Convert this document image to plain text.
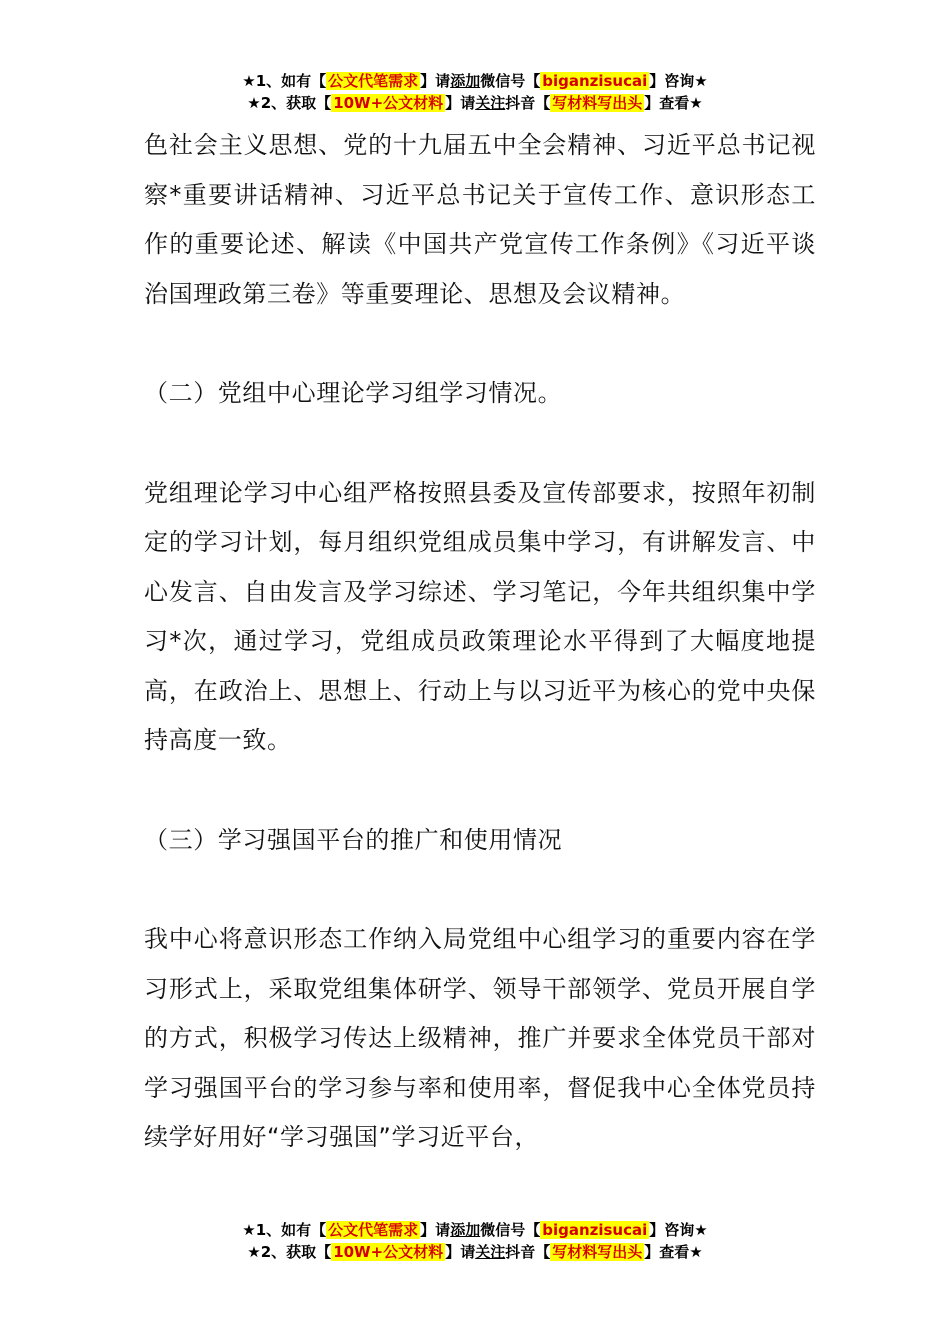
★1、如有【 公文代笔需求 】请添加微信号【 biganzisucai 】咨询★
★2、获取【 10W+公文材料 】请关注抖音【 写材料写出头 】查看★

色社会主义思想、党的十九届五中全会精神、习近平总书记视察*重要讲话精神、习近平总书记关于宣传工作、意识形态工作的重要论述、解读《中国共产党宣传工作条例》《习近平谈治国理政第三卷》等重要理论、思想及会议精神。

（二）党组中心理论学习组学习情况。

党组理论学习中心组严格按照县委及宣传部要求，按照年初制定的学习计划，每月组织党组成员集中学习，有讲解发言、中心发言、自由发言及学习综述、学习笔记，今年共组织集中学习*次，通过学习，党组成员政策理论水平得到了大幅度地提高，在政治上、思想上、行动上与以习近平为核心的党中央保持高度一致。

（三）学习强国平台的推广和使用情况

我中心将意识形态工作纳入局党组中心组学习的重要内容在学习形式上，采取党组集体研学、领导干部领学、党员开展自学的方式，积极学习传达上级精神，推广并要求全体党员干部对学习强国平台的学习参与率和使用率，督促我中心全体党员持续学好用好“学习强国”学习近平台，

★1、如有【 公文代笔需求 】请添加微信号【 biganzisucai 】咨询★
★2、获取【 10W+公文材料 】请关注抖音【 写材料写出头 】查看★
